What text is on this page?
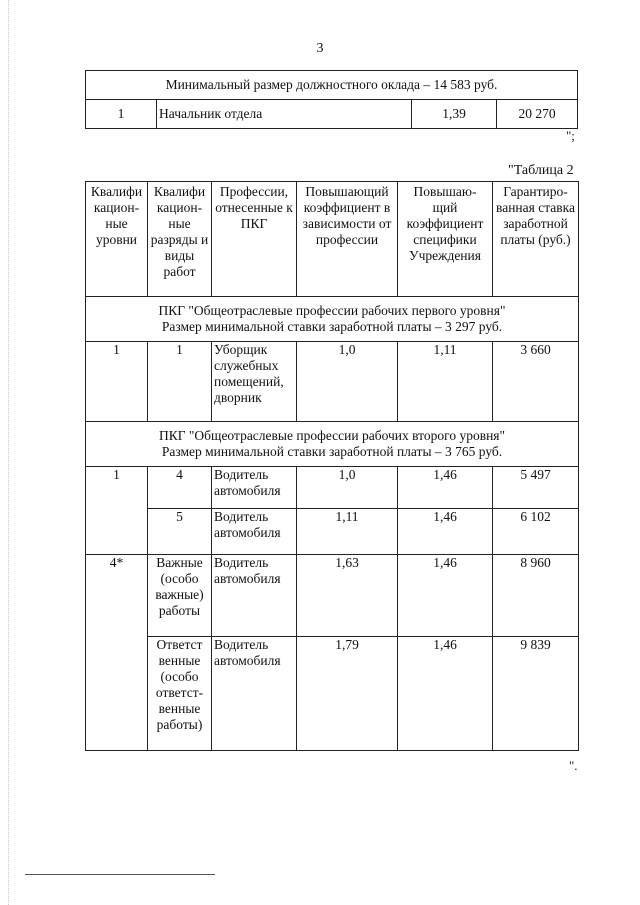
3
Минимальный размер должностного оклада – 14 583 руб.
1	Начальник отдела	1,39	20 270
";
"Таблица 2
Квалифи кацион- ные уровни	Квалифи кацион- ные разряды и виды работ	Профессии, отнесенные к ПКГ	Повышающий коэффициент в зависимости от профессии	Повышаю- щий коэффициент специфики Учреждения	Гарантиро- ванная ставка заработной платы (руб.)

ПКГ "Общеотраслевые профессии рабочих первого уровня"
Размер минимальной ставки заработной платы – 3 297 руб.					

1	1	Уборщик служебных помещений, дворник	1,0	1,11	3 660

ПКГ "Общеотраслевые профессии рабочих второго уровня"
Размер минимальной ставки заработной платы – 3 765 руб.					

1	4	Водитель автомобиля	1,0	1,46	5 497
	5	Водитель автомобиля	1,11	1,46	6 102
4*	Важные (особо важные) работы	Водитель автомобиля	1,63	1,46	8 960
	Ответст венные (особо ответст- венные работы)	Водитель автомобиля	1,79	1,46	9 839
".
